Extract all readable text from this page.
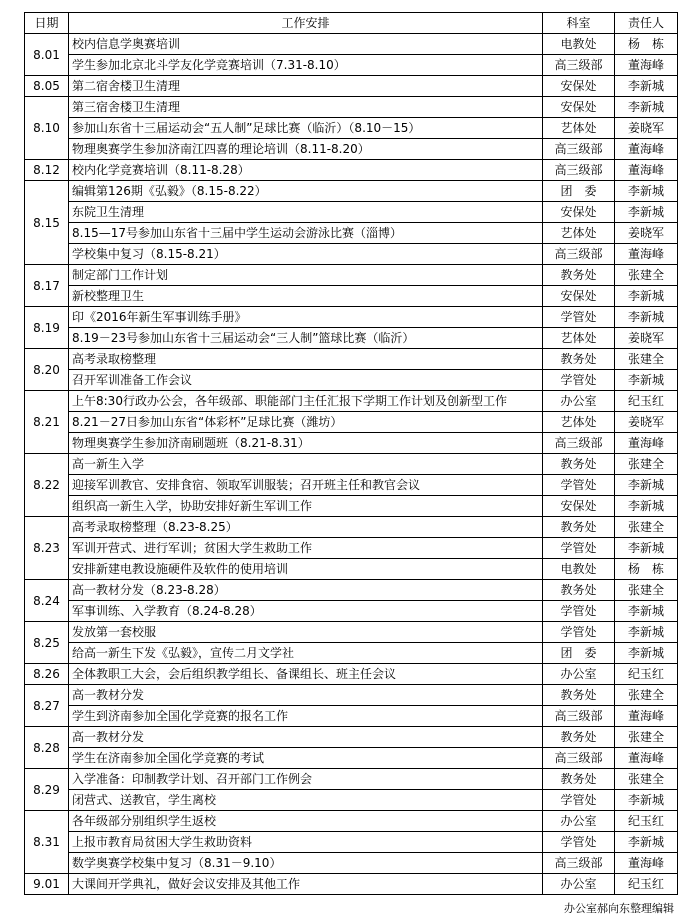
日期	工作安排	科室	责任人
8.01	校内信息学奥赛培训	电教处	杨　栋
	学生参加北京北斗学友化学竞赛培训（7.31-8.10）	高三级部	董海峰
8.05	第二宿舍楼卫生清理	安保处	李新城
8.10	第三宿舍楼卫生清理	安保处	李新城
	参加山东省十三届运动会“五人制”足球比赛（临沂）（8.10－15）	艺体处	姜晓军
	物理奥赛学生参加济南江四喜的理论培训（8.11-8.20）	高三级部	董海峰
8.12	校内化学竞赛培训（8.11-8.28）	高三级部	董海峰
8.15	编辑第126期《弘毅》（8.15-8.22）	团　委	李新城
	东院卫生清理	安保处	李新城
	8.15—17号参加山东省十三届中学生运动会游泳比赛（淄博）	艺体处	姜晓军
	学校集中复习（8.15-8.21）	高三级部	董海峰
8.17	制定部门工作计划	教务处	张建全
	新校整理卫生	安保处	李新城
8.19	印《2016年新生军事训练手册》	学管处	李新城
	8.19－23号参加山东省十三届运动会“三人制”篮球比赛（临沂）	艺体处	姜晓军
8.20	高考录取榜整理	教务处	张建全
	召开军训准备工作会议	学管处	李新城
8.21	上午8:30行政办公会，各年级部、职能部门主任汇报下学期工作计划及创新型工作	办公室	纪玉红
	8.21－27日参加山东省“体彩杯”足球比赛（潍坊）	艺体处	姜晓军
	物理奥赛学生参加济南刷题班（8.21-8.31）	高三级部	董海峰
8.22	高一新生入学	教务处	张建全
	迎接军训教官、安排食宿、领取军训服装；召开班主任和教官会议	学管处	李新城
	组织高一新生入学，协助安排好新生军训工作	安保处	李新城
8.23	高考录取榜整理（8.23-8.25）	教务处	张建全
	军训开营式、进行军训；贫困大学生救助工作	学管处	李新城
	安排新建电教设施硬件及软件的使用培训	电教处	杨　栋
8.24	高一教材分发（8.23-8.28）	教务处	张建全
	军事训练、入学教育（8.24-8.28）	学管处	李新城
8.25	发放第一套校服	学管处	李新城
	给高一新生下发《弘毅》，宣传二月文学社	团　委	李新城
8.26	全体教职工大会，会后组织教学组长、备课组长、班主任会议	办公室	纪玉红
8.27	高一教材分发	教务处	张建全
	学生到济南参加全国化学竞赛的报名工作	高三级部	董海峰
8.28	高一教材分发	教务处	张建全
	学生在济南参加全国化学竞赛的考试	高三级部	董海峰
8.29	入学准备：印制教学计划、召开部门工作例会	教务处	张建全
	闭营式、送教官，学生离校	学管处	李新城
8.31	各年级部分别组织学生返校	办公室	纪玉红
	上报市教育局贫困大学生救助资料	学管处	李新城
	数学奥赛学校集中复习（8.31－9.10）	高三级部	董海峰
9.01	大课间开学典礼，做好会议安排及其他工作	办公室	纪玉红
办公室郝向东整理编辑
